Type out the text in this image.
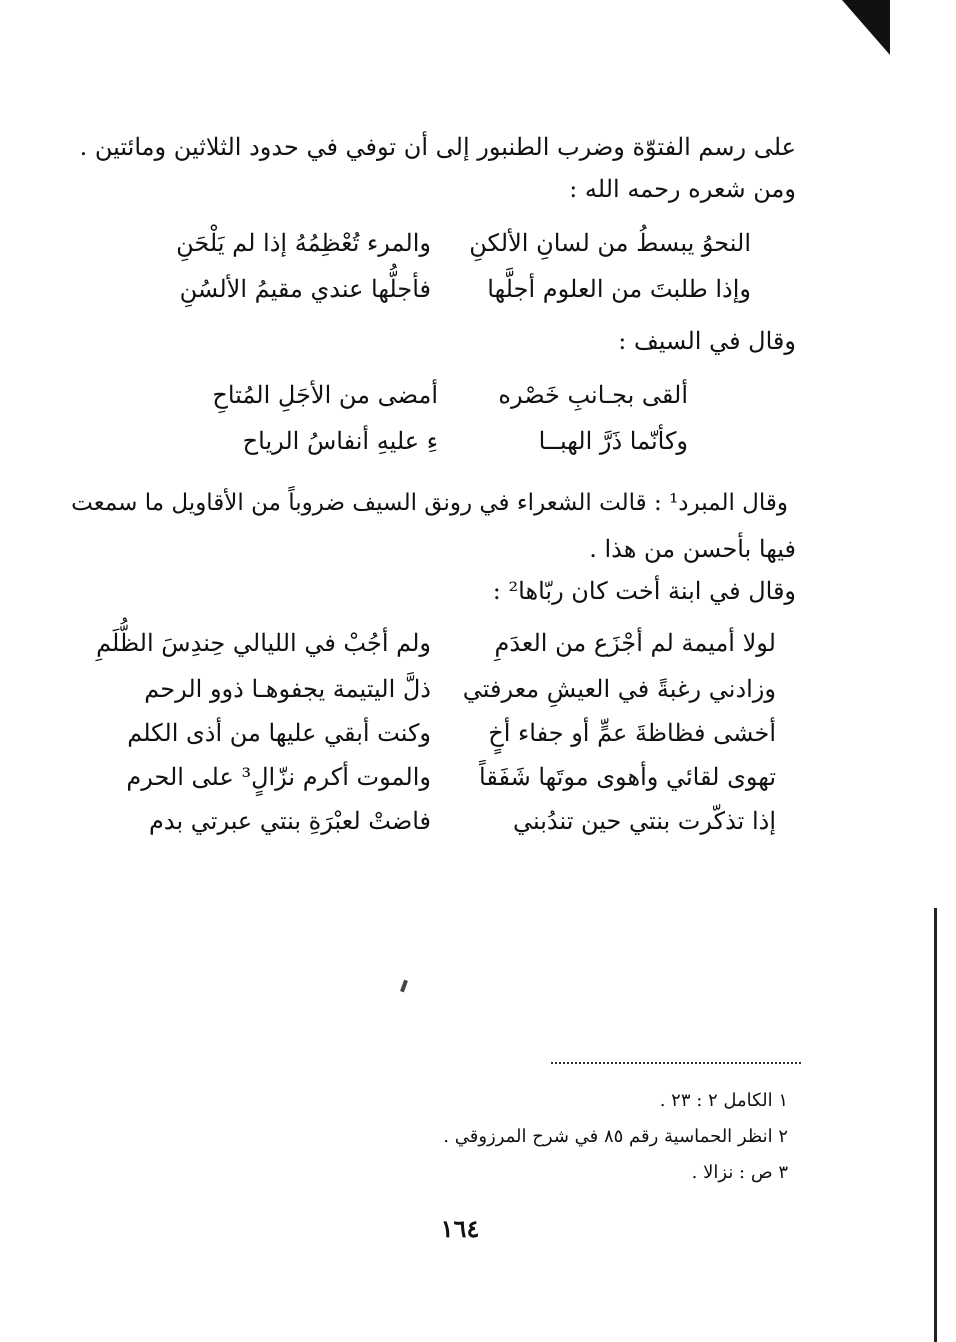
على رسم الفتوّة وضرب الطنبور إلى أن توفي في حدود الثلاثين ومائتين .
ومن شعره رحمه الله :
النحوُ يبسطُ من لسانِ الألكنِ
والمرء تُعْظِمُهُ إذا لم يَلْحَنِ
وإذا طلبتَ من العلوم أجلَّها
فأجلُّها عندي مقيمُ الألسُنِ
وقال في السيف :
ألقى بجـانبِ خَصْره
أمضى من الأجَلِ المُتاحِ
وكأنّما ذَرَّ الهبــا
ءِ عليهِ أنفاسُ الرياح
وقال المبرد¹ : قالت الشعراء في رونق السيف ضروباً من الأقاويل ما سمعت
فيها بأحسن من هذا .
وقال في ابنة أخت كان ربّاها² :
لولا أميمة لم أجْزَع من العدَمِ
ولم أجُبْ في الليالي حِندِسَ الظُّلَمِ
وزادني رغبةً في العيشِ معرفتي
ذلَّ اليتيمة يجفوهـا ذوو الرحم
أخشى فظاظةَ عمٍّ أو جفاء أخٍ
وكنت أبقي عليها من أذى الكلم
تهوى لقائي وأهوى موتَها شَفَقاً
والموت أكرم نزّالٍ³ على الحرم
إذا تذكّرت بنتي حين تندُبني
فاضتْ لعبْرَةِ بنتي عبرتي بدم
١ الكامل ٢ : ٢٣ .
٢ انظر الحماسية رقم ٨٥ في شرح المرزوقي .
٣ ص : نزالا .
١٦٤
